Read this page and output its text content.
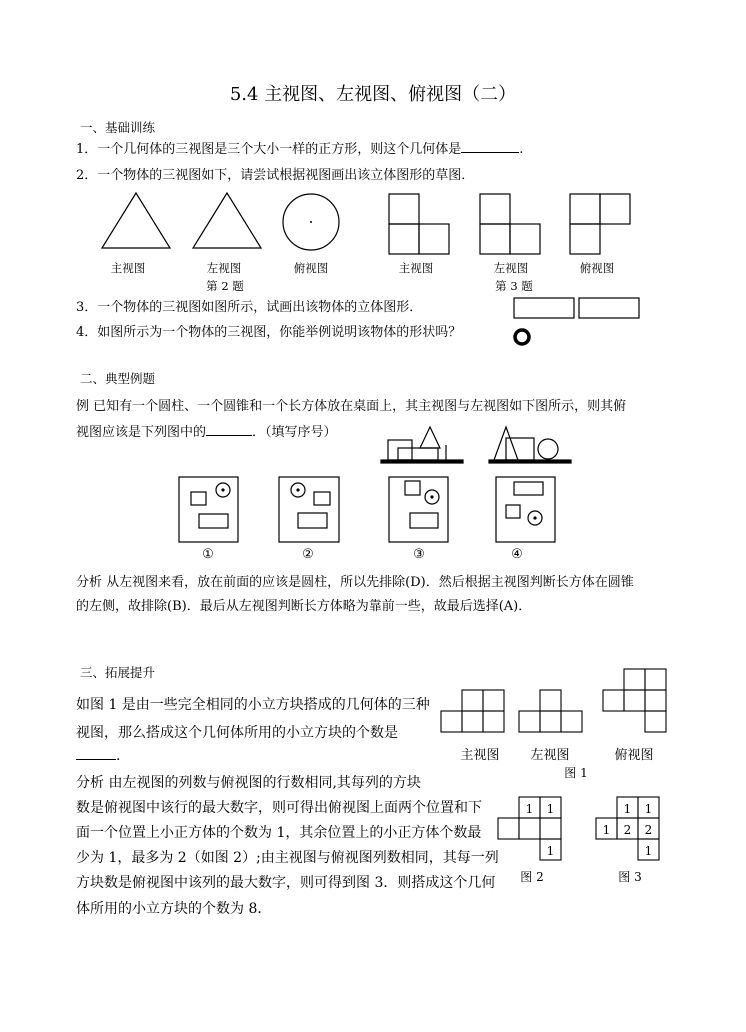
5.4 主视图、左视图、俯视图（二）
一、基础训练
1．一个几何体的三视图是三个大小一样的正方形，则这个几何体是	.
2．一个物体的三视图如下，请尝试根据视图画出该立体图形的草图．
主视图	左视图	俯视图	主视图	左视图	俯视图
第 2 题	第 3 题
3．一个物体的三视图如图所示，试画出该物体的立体图形．
4．如图所示为一个物体的三视图，你能举例说明该物体的形状吗？
二、典型例题
例 已知有一个圆柱、一个圆锥和一个长方体放在桌面上，其主视图与左视图如下图所示，则其俯
视图应该是下列图中的	．（填写序号）
①	②	③	④
分析 从左视图来看，放在前面的应该是圆柱，所以先排除(D)．然后根据主视图判断长方体在圆锥
的左侧，故排除(B)．最后从左视图判断长方体略为靠前一些，故最后选择(A)．
三、拓展提升
如图 1 是由一些完全相同的小立方块搭成的几何体的三种
视图，那么搭成这个几何体所用的小立方块的个数是
.
分析 由左视图的列数与俯视图的行数相同,其每列的方块
数是俯视图中该行的最大数字，则可得出俯视图上面两个位置和下
面一个位置上小正方体的个数为 1，其余位置上的小正方体个数最
少为 1，最多为 2（如图 2）;由主视图与俯视图列数相同，其每一列
方块数是俯视图中该列的最大数字，则可得到图 3．则搭成这个几何
体所用的小立方块的个数为 8．
1 1
1
1 1
1 2 2
1
主视图	左视图	俯视图
图 1
图 2	图 3
